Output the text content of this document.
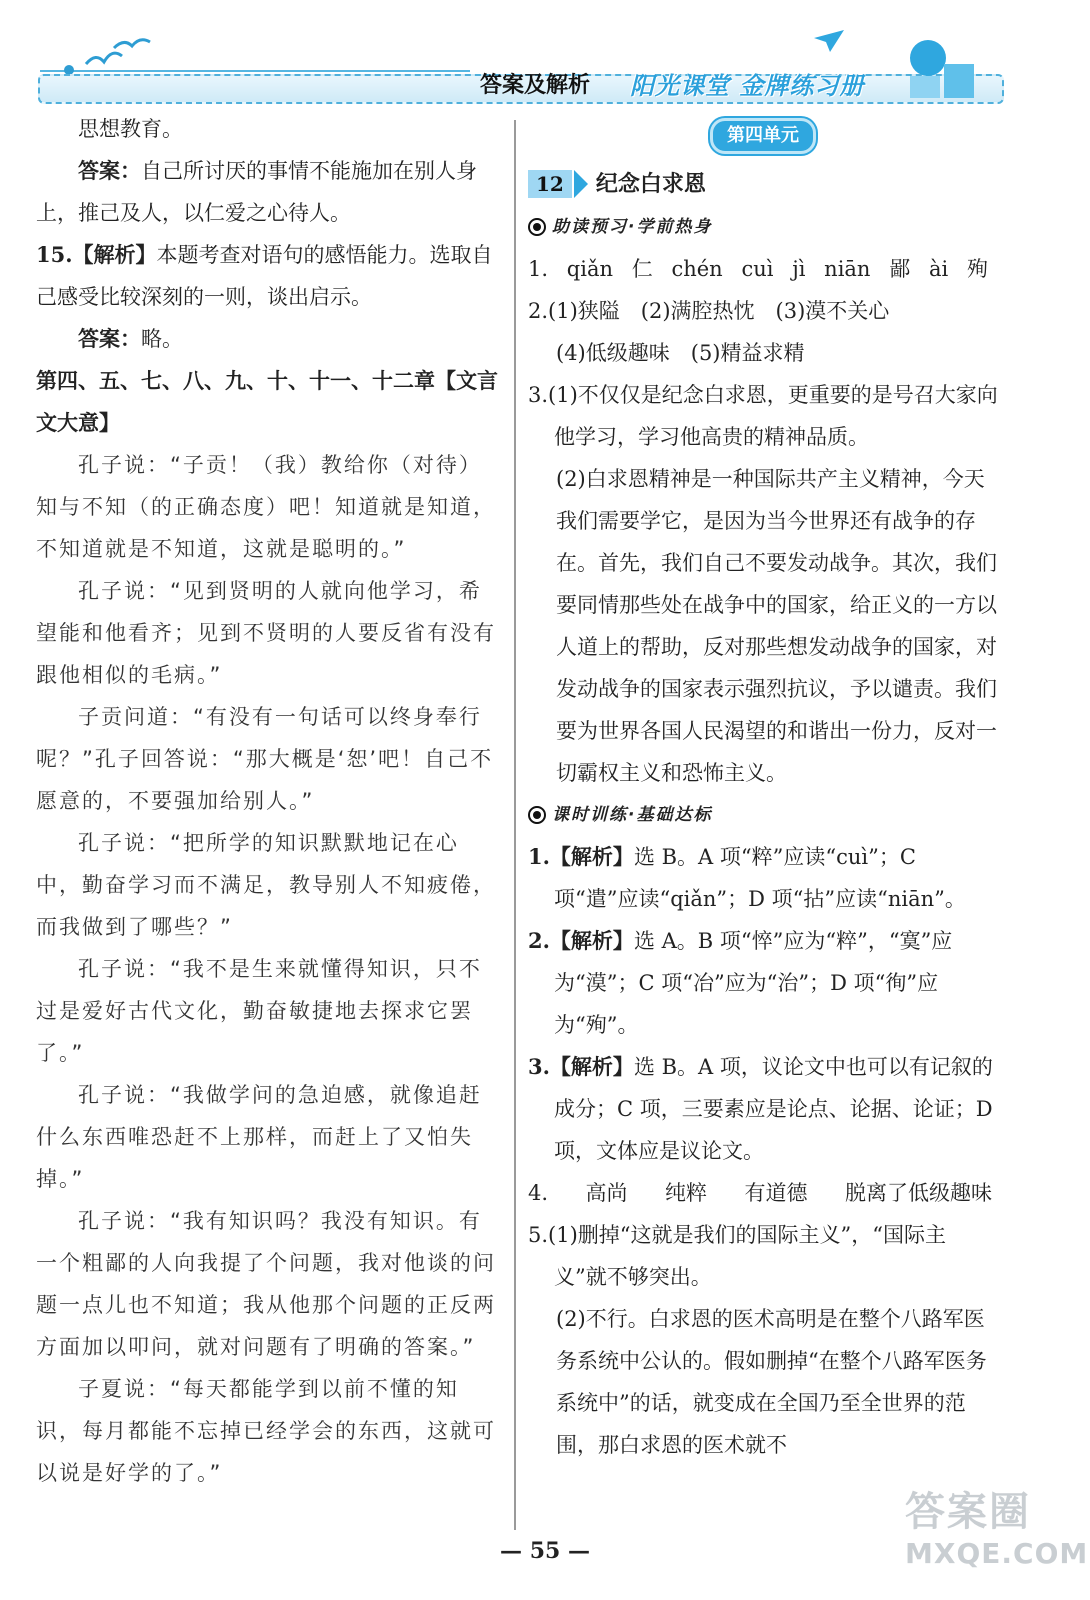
答案及解析 阳光课堂 金牌练习册

思想教育。

答案：自己所讨厌的事情不能施加在别人身上，推己及人，以仁爱之心待人。

15.【解析】本题考查对语句的感悟能力。选取自己感受比较深刻的一则，谈出启示。

答案：略。

第四、五、七、八、九、十、十一、十二章【文言文大意】

孔子说：“子贡！（我）教给你（对待）知与不知（的正确态度）吧！知道就是知道，不知道就是不知道，这就是聪明的。”

孔子说：“见到贤明的人就向他学习，希望能和他看齐；见到不贤明的人要反省有没有跟他相似的毛病。”

子贡问道：“有没有一句话可以终身奉行呢？”孔子回答说：“那大概是‘恕’吧！自己不愿意的，不要强加给别人。”

孔子说：“把所学的知识默默地记在心中，勤奋学习而不满足，教导别人不知疲倦，而我做到了哪些？”

孔子说：“我不是生来就懂得知识，只不过是爱好古代文化，勤奋敏捷地去探求它罢了。”

孔子说：“我做学问的急迫感，就像追赶什么东西唯恐赶不上那样，而赶上了又怕失掉。”

孔子说：“我有知识吗？我没有知识。有一个粗鄙的人向我提了个问题，我对他谈的问题一点儿也不知道；我从他那个问题的正反两方面加以叩问，就对问题有了明确的答案。”

子夏说：“每天都能学到以前不懂的知识，每月都能不忘掉已经学会的东西，这就可以说是好学的了。”

第四单元
12	纪念白求恩
助读预习·学前热身
1. qiǎn 仁 chén cuì jì niān 鄙 ài 殉

2.(1)狭隘　(2)满腔热忱　(3)漠不关心

(4)低级趣味　(5)精益求精

3.(1)不仅仅是纪念白求恩，更重要的是号召大家向他学习，学习他高贵的精神品质。

(2)白求恩精神是一种国际共产主义精神，今天我们需要学它，是因为当今世界还有战争的存在。首先，我们自己不要发动战争。其次，我们要同情那些处在战争中的国家，给正义的一方以人道上的帮助，反对那些想发动战争的国家，对发动战争的国家表示强烈抗议，予以谴责。我们要为世界各国人民渴望的和谐出一份力，反对一切霸权主义和恐怖主义。

课时训练·基础达标

1.【解析】选 B。A 项“粹”应读“cuì”；C 项“遣”应读“qiǎn”；D 项“拈”应读“niān”。

2.【解析】选 A。B 项“悴”应为“粹”，“寞”应为“漠”；C 项“冶”应为“治”；D 项“徇”应为“殉”。

3.【解析】选 B。A 项，议论文中也可以有记叙的成分；C 项，三要素应是论点、论据、论证；D 项，文体应是议论文。

4. 高尚 纯粹 有道德 脱离了低级趣味

5.(1)删掉“这就是我们的国际主义”，“国际主义”就不够突出。

(2)不行。白求恩的医术高明是在整个八路军医务系统中公认的。假如删掉“在整个八路军医务系统中”的话，就变成在全国乃至全世界的范围，那白求恩的医术就不

— 55 —
答案圈
MXQE.COM
